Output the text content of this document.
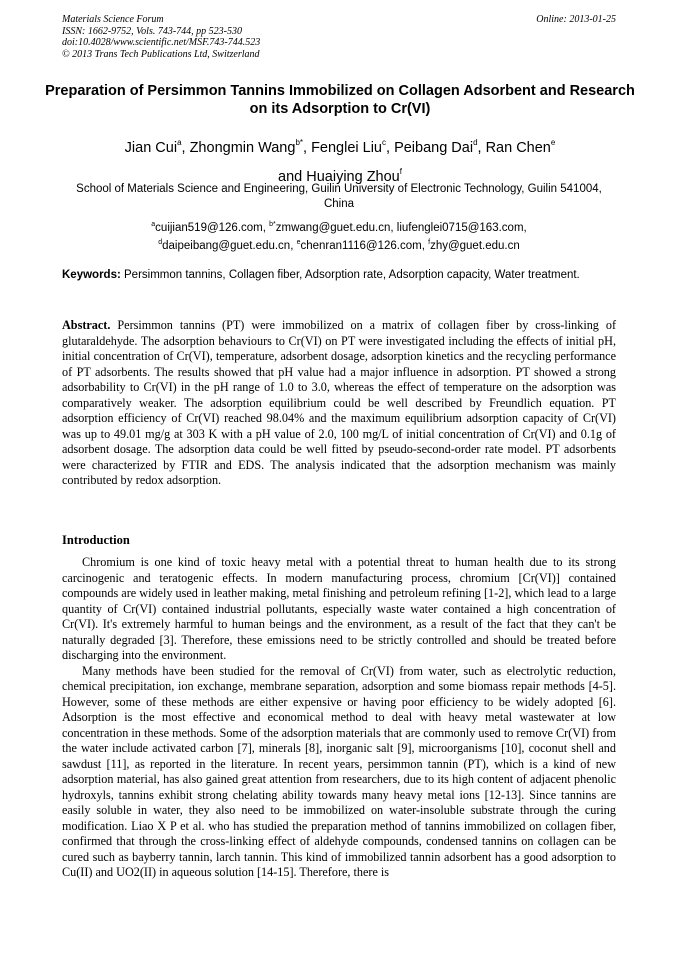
Materials Science Forum
ISSN: 1662-9752, Vols. 743-744, pp 523-530
doi:10.4028/www.scientific.net/MSF.743-744.523
© 2013 Trans Tech Publications Ltd, Switzerland
Online: 2013-01-25
Preparation of Persimmon Tannins Immobilized on Collagen Adsorbent and Research on its Adsorption to Cr(VI)
Jian Cui$^a$, Zhongmin Wang$^{b*}$, Fenglei Liu$^c$, Peibang Dai$^d$, Ran Chen$^e$
and Huaiying Zhou$^f$
School of Materials Science and Engineering, Guilin University of Electronic Technology, Guilin 541004, China
$^a$cuijian519@126.com, $^{b*}$zmwang@guet.edu.cn, liufenglei0715@163.com,
$^d$daipeibang@guet.edu.cn, $^e$chenran1116@126.com, $^f$zhy@guet.edu.cn
Keywords: Persimmon tannins, Collagen fiber, Adsorption rate, Adsorption capacity, Water treatment.
Abstract. Persimmon tannins (PT) were immobilized on a matrix of collagen fiber by cross-linking of glutaraldehyde. The adsorption behaviours to Cr(VI) on PT were investigated including the effects of initial pH, initial concentration of Cr(VI), temperature, adsorbent dosage, adsorption kinetics and the recycling performance of PT adsorbents. The results showed that pH value had a major influence in adsorption. PT showed a strong adsorbability to Cr(VI) in the pH range of 1.0 to 3.0, whereas the effect of temperature on the adsorption was comparatively weaker. The adsorption equilibrium could be well described by Freundlich equation. PT adsorption efficiency of Cr(VI) reached 98.04% and the maximum equilibrium adsorption capacity of Cr(VI) was up to 49.01 mg/g at 303 K with a pH value of 2.0, 100 mg/L of initial concentration of Cr(VI) and 0.1g of adsorbent dosage. The adsorption data could be well fitted by pseudo-second-order rate model. PT adsorbents were characterized by FTIR and EDS. The analysis indicated that the adsorption mechanism was mainly contributed by redox adsorption.
Introduction

Chromium is one kind of toxic heavy metal with a potential threat to human health due to its strong carcinogenic and teratogenic effects. In modern manufacturing process, chromium [Cr(VI)] contained compounds are widely used in leather making, metal finishing and petroleum refining [1-2], which lead to a large quantity of Cr(VI) contained industrial pollutants, especially waste water contained a high concentration of Cr(VI). It's extremely harmful to human beings and the environment, as a result of the fact that they can't be naturally degraded [3]. Therefore, these emissions need to be strictly controlled and should be treated before discharging into the environment.

Many methods have been studied for the removal of Cr(VI) from water, such as electrolytic reduction, chemical precipitation, ion exchange, membrane separation, adsorption and some biomass repair methods [4-5]. However, some of these methods are either expensive or having poor efficiency to be widely adopted [6]. Adsorption is the most effective and economical method to deal with heavy metal wastewater at low concentration in these methods. Some of the adsorption materials that are commonly used to remove Cr(VI) from the water include activated carbon [7], minerals [8], inorganic salt [9], microorganisms [10], coconut shell and sawdust [11], as reported in the literature. In recent years, persimmon tannin (PT), which is a kind of new adsorption material, has also gained great attention from researchers, due to its high content of adjacent phenolic hydroxyls, tannins exhibit strong chelating ability towards many heavy metal ions [12-13]. Since tannins are easily soluble in water, they also need to be immobilized on water-insoluble substrate through the curing modification. Liao X P et al. who has studied the preparation method of tannins immobilized on collagen fiber, confirmed that through the cross-linking effect of aldehyde compounds, condensed tannins on collagen can be cured such as bayberry tannin, larch tannin. This kind of immobilized tannin adsorbent has a good adsorption to Cu(II) and UO2(II) in aqueous solution [14-15]. Therefore, there is
